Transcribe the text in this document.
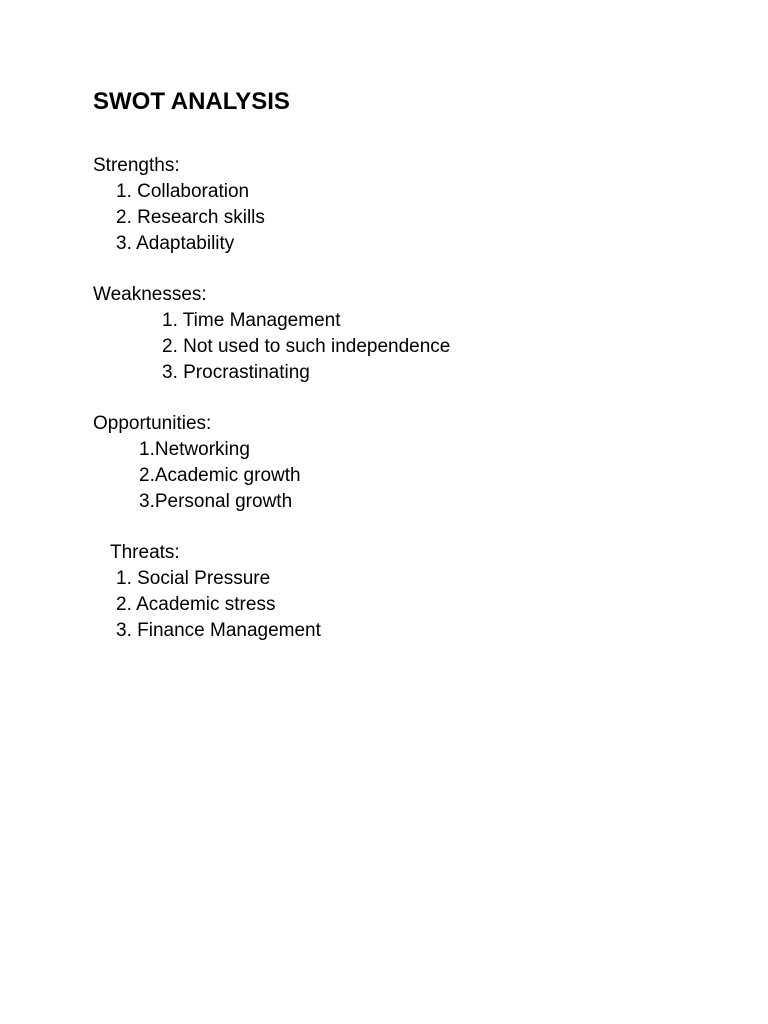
SWOT ANALYSIS
Strengths:
1. Collaboration
2. Research skills
3. Adaptability
Weaknesses:
1. Time Management
2. Not used to such independence
3. Procrastinating
Opportunities:
1.Networking
2.Academic growth
3.Personal growth
Threats:
1. Social Pressure
2. Academic stress
3. Finance Management
